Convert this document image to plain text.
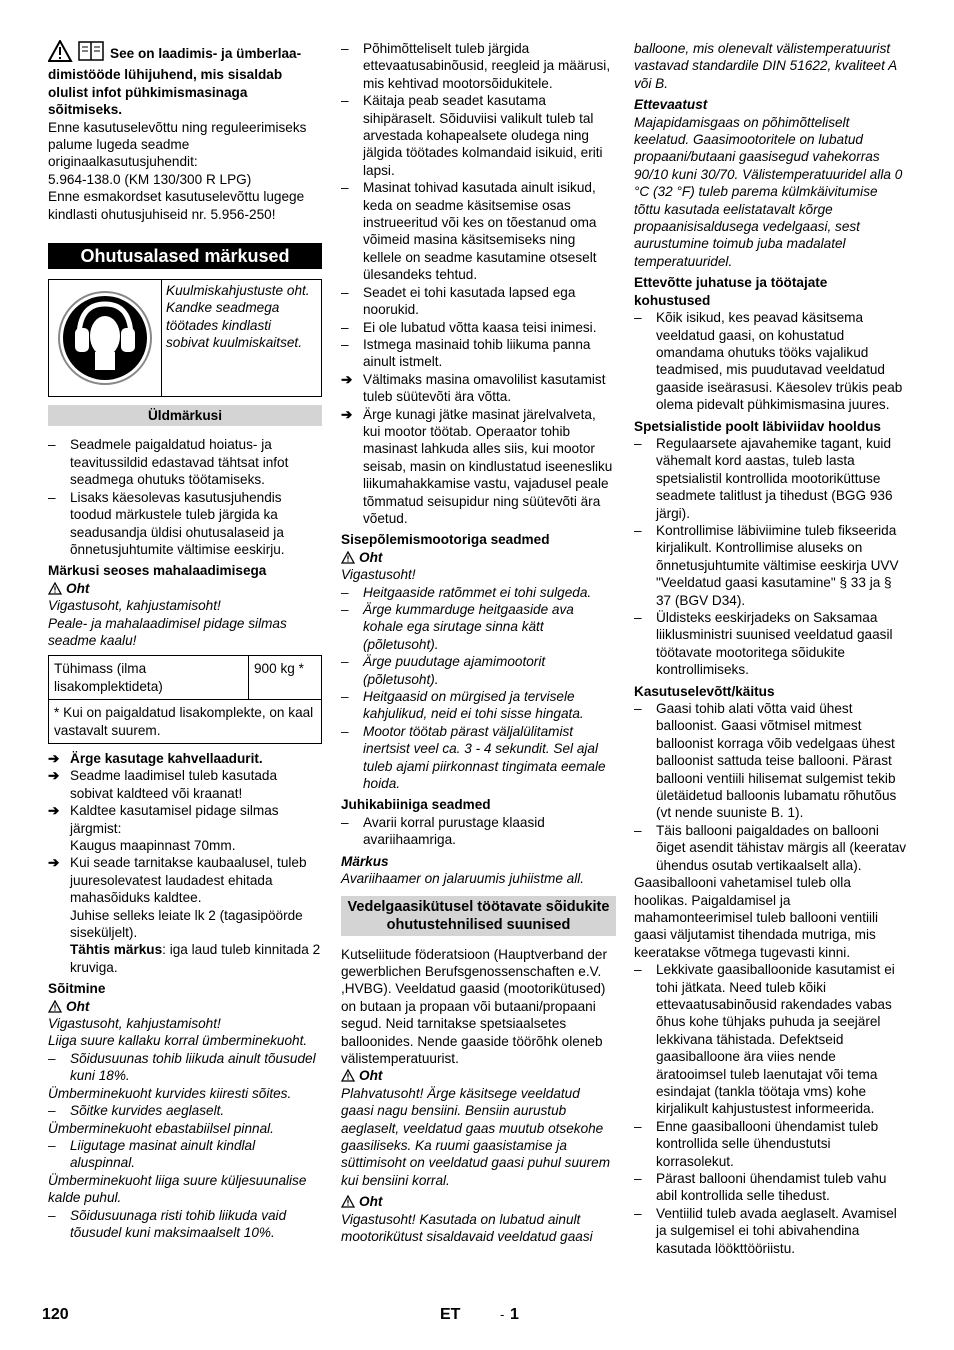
See on laadimis- ja ümberlaa-dimistööde lühijuhend, mis sisaldab olulist infot pühkimismasinaga sõitmiseks.

Enne kasutuselevõttu ning reguleerimiseks palume lugeda seadme originaalkasutusjuhendit:

5.964-138.0 (KM 130/300 R LPG)

Enne esmakordset kasutuselevõttu lugege kindlasti ohutusjuhiseid nr. 5.956-250!

Ohutusalased märkused
Kuulmiskahjustuste oht. Kandke seadmega töötades kindlasti sobivat kuulmiskaitset.
Üldmärkusi
– Seadmele paigaldatud hoiatus- ja teavitussildid edastavad tähtsat infot seadmega ohutuks töötamiseks.
– Lisaks käesolevas kasutusjuhendis toodud märkustele tuleb järgida ka seadusandja üldisi ohutusalaseid ja õnnetusjuhtumite vältimise eeskirju.

Märkusi seoses mahalaadimisega

Oht

Vigastusoht, kahjustamisoht!

Peale- ja mahalaadimisel pidage silmas seadme kaalu!

Tühimass (ilma lisakomplektideta)	900 kg *
* Kui on paigaldatud lisakomplekte, on kaal vastavalt suurem.
➔ Ärge kasutage kahvellaadurit.
➔ Seadme laadimisel tuleb kasutada sobivat kaldteed või kraanat!
➔ Kaldtee kasutamisel pidage silmas järgmist:
Kaugus maapinnast 70mm.
➔ Kui seade tarnitakse kaubaalusel, tuleb juuresolevatest laudadest ehitada mahasõiduks kaldtee.
Juhise selleks leiate lk 2 (tagasipöörde siseküljelt).
Tähtis märkus: iga laud tuleb kinnitada 2 kruviga.

Sõitmine

Oht

Vigastusoht, kahjustamisoht!

Liiga suure kallaku korral ümberminekuoht.

– Sõidusuunas tohib liikuda ainult tõusudel kuni 18%.

Ümberminekuoht kurvides kiiresti sõites.

– Sõitke kurvides aeglaselt.

Ümberminekuoht ebastabiilsel pinnal.

– Liigutage masinat ainult kindlal aluspinnal.

Ümberminekuoht liiga suure küljesuunalise kalde puhul.

– Sõidusuunaga risti tohib liikuda vaid tõusudel kuni maksimaalselt 10%.
– Põhimõtteliselt tuleb järgida ettevaatusabinõusid, reegleid ja määrusi, mis kehtivad mootorsõidukitele.
– Käitaja peab seadet kasutama sihipäraselt. Sõiduviisi valikult tuleb tal arvestada kohapealsete oludega ning jälgida töötades kolmandaid isikuid, eriti lapsi.
– Masinat tohivad kasutada ainult isikud, keda on seadme käsitsemise osas instrueeritud või kes on tõestanud oma võimeid masina käsitsemiseks ning kellele on seadme kasutamine otseselt ülesandeks tehtud.
– Seadet ei tohi kasutada lapsed ega noorukid.
– Ei ole lubatud võtta kaasa teisi inimesi.
– Istmega masinaid tohib liikuma panna ainult istmelt.
➔ Vältimaks masina omavolilist kasutamist tuleb süütevõti ära võtta.
➔ Ärge kunagi jätke masinat järelvalveta, kui mootor töötab. Operaator tohib masinast lahkuda alles siis, kui mootor seisab, masin on kindlustatud iseenesliku liikumahakkamise vastu, vajadusel peale tõmmatud seisupidur ning süütevõti ära võetud.

Sisepõlemismootoriga seadmed

Oht

Vigastusoht!

– Heitgaaside ratõmmet ei tohi sulgeda.
– Ärge kummarduge heitgaaside ava kohale ega sirutage sinna kätt (põletusoht).
– Ärge puudutage ajamimootorit (põletusoht).
– Heitgaasid on mürgised ja tervisele kahjulikud, neid ei tohi sisse hingata.
– Mootor töötab pärast väljalülitamist inertsist veel ca. 3 - 4 sekundit. Sel ajal tuleb ajami piirkonnast tingimata eemale hoida.

Juhikabiiniga seadmed

– Avarii korral purustage klaasid avariihaamriga.

Märkus

Avariihaamer on jalaruumis juhiistme all.

Vedelgaasikütusel töötavate sõidukite ohutustehnilised suunised

Kutseliitude föderatsioon (Hauptverband der gewerblichen Berufsgenossenschaften e.V. ,HVBG). Veeldatud gaasid (mootorikütused) on butaan ja propaan või butaani/propaani segud. Neid tarnitakse spetsiaalsetes balloonides. Nende gaaside töörõhk oleneb välistemperatuurist.

Oht

Plahvatusoht! Ärge käsitsege veeldatud gaasi nagu bensiini. Bensiin aurustub aeglaselt, veeldatud gaas muutub otsekohe gaasiliseks. Ka ruumi gaasistamise ja süttimisoht on veeldatud gaasi puhul suurem kui bensiini korral.

Oht

Vigastusoht! Kasutada on lubatud ainult mootorikütust sisaldavaid veeldatud gaasi

balloone, mis olenevalt välistemperatuurist vastavad standardile DIN 51622, kvaliteet A või B.

Ettevaatust

Majapidamisgaas on põhimõtteliselt keelatud. Gaasimootoritele on lubatud propaani/butaani gaasisegud vahekorras 90/10 kuni 30/70. Välistemperatuuridel alla 0 °C (32 °F) tuleb parema külmkäivitumise tõttu kasutada eelistatavalt kõrge propaanisisaldusega vedelgaasi, sest aurustumine toimub juba madalatel temperatuuridel.

Ettevõtte juhatuse ja töötajate kohustused

– Kõik isikud, kes peavad käsitsema veeldatud gaasi, on kohustatud omandama ohutuks tööks vajalikud teadmised, mis puudutavad veeldatud gaaside iseärasusi. Käesolev trükis peab olema pidevalt pühkimismasina juures.

Spetsialistide poolt läbiviidav hooldus

– Regulaarsete ajavahemike tagant, kuid vähemalt kord aastas, tuleb lasta spetsialistil kontrollida mootoriküttuse seadmete talitlust ja tihedust (BGG 936 järgi).
– Kontrollimise läbiviimine tuleb fikseerida kirjalikult. Kontrollimise aluseks on õnnetusjuhtumite vältimise eeskirja UVV "Veeldatud gaasi kasutamine" § 33 ja § 37 (BGV D34).
– Üldisteks eeskirjadeks on Saksamaa liiklusministri suunised veeldatud gaasil töötavate mootoritega sõidukite kontrollimiseks.

Kasutuselevõtt/käitus

– Gaasi tohib alati võtta vaid ühest balloonist. Gaasi võtmisel mitmest balloonist korraga võib vedelgaas ühest balloonist sattuda teise ballooni. Pärast ballooni ventiili hilisemat sulgemist tekib ületäidetud balloonis lubamatu rõhutõus (vt nende suuniste B. 1).
– Täis ballooni paigaldades on ballooni õiget asendit tähistav märgis all (keeratav ühendus osutab vertikaalselt alla).

Gaasiballooni vahetamisel tuleb olla hoolikas. Paigaldamisel ja mahamonteerimisel tuleb ballooni ventiili gaasi väljutamist tihendada mutriga, mis keeratakse võtmega tugevasti kinni.

– Lekkivate gaasiballoonide kasutamist ei tohi jätkata. Need tuleb kõiki ettevaatusabinõusid rakendades vabas õhus kohe tühjaks puhuda ja seejärel lekkivana tähistada. Defektseid gaasiballoone ära viies nende äratooimsel tuleb laenutajat või tema esindajat (tankla töötaja vms) kohe kirjalikult kahjustustest informeerida.
– Enne gaasiballooni ühendamist tuleb kontrollida selle ühendustutsi korrasolekut.
– Pärast ballooni ühendamist tuleb vahu abil kontrollida selle tihedust.
– Ventiilid tuleb avada aeglaselt. Avamisel ja sulgemisel ei tohi abivahendina kasutada löökttööriistu.
120	ET	- 1
